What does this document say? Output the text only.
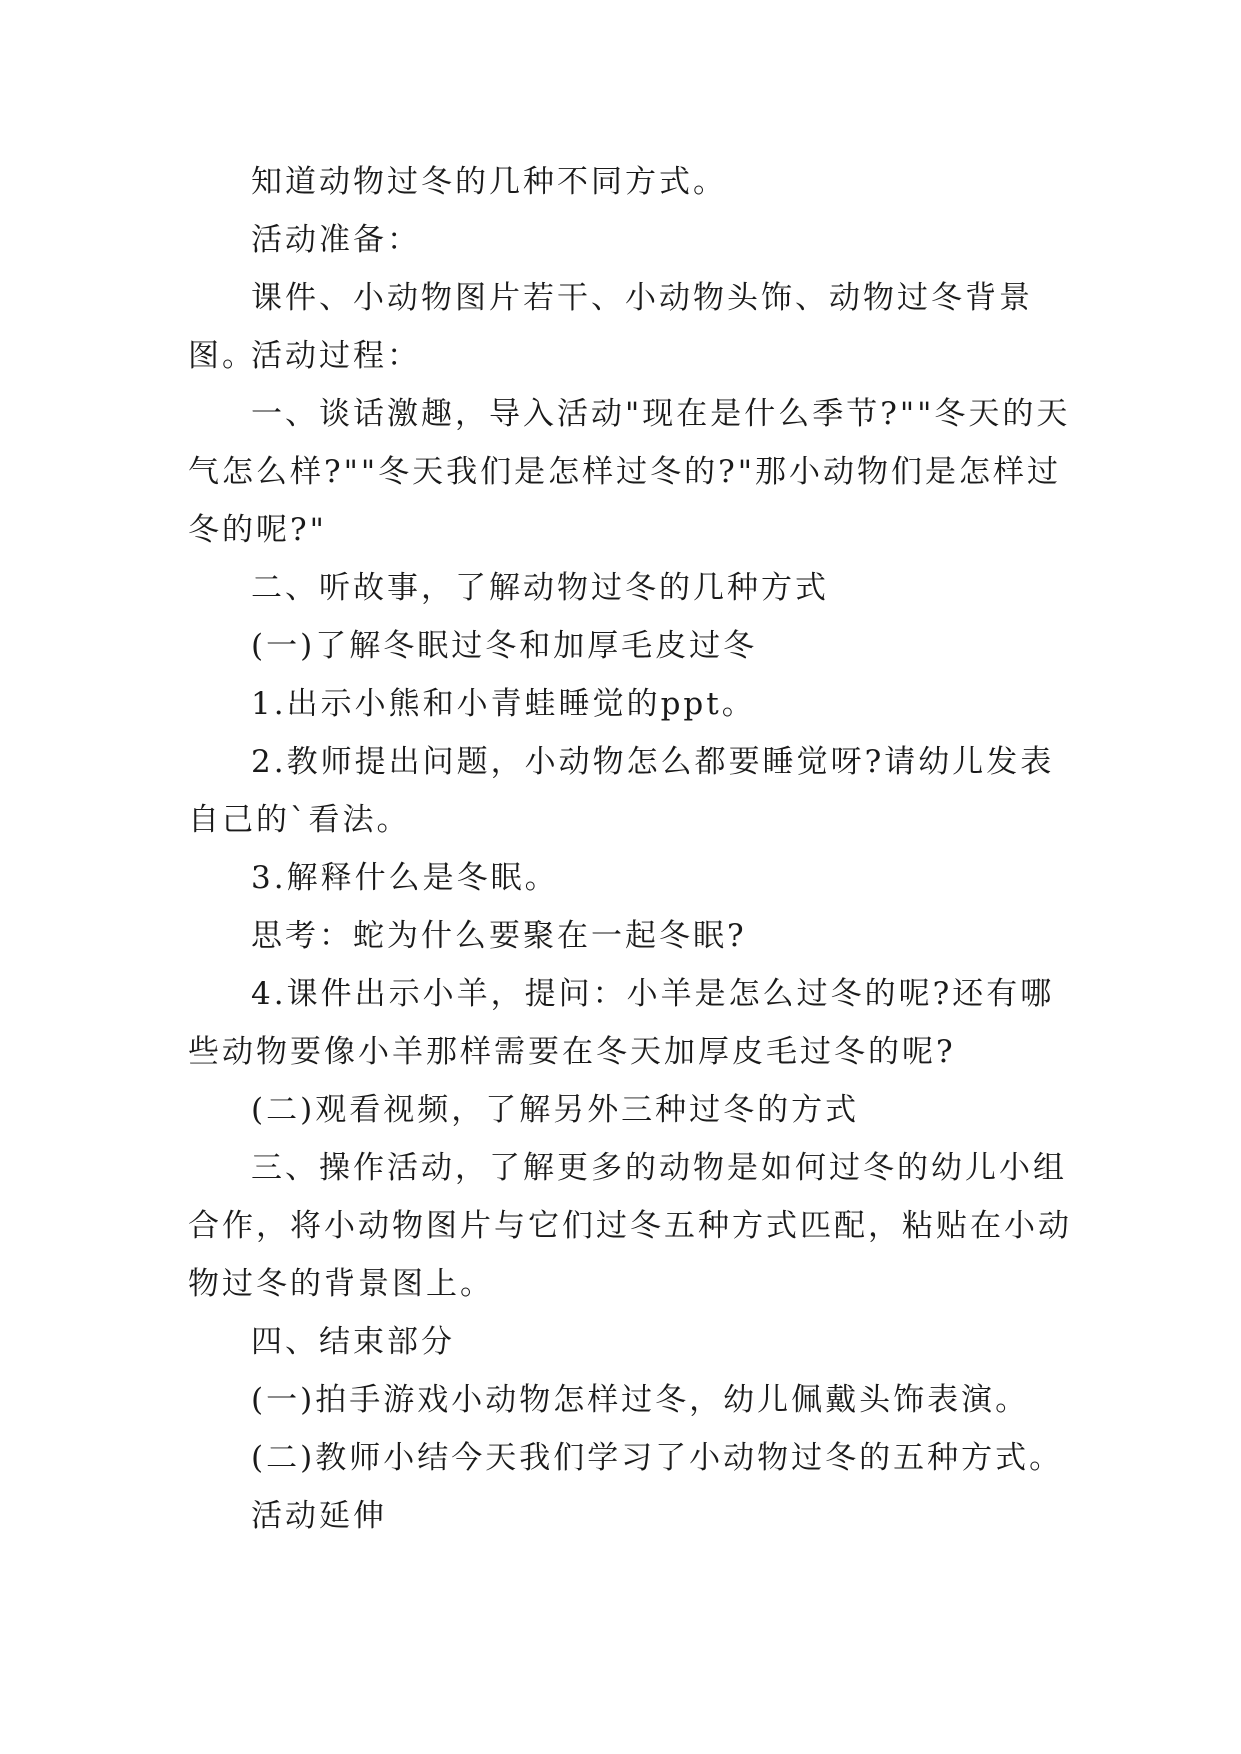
知道动物过冬的几种不同方式。
活动准备：
课件、小动物图片若干、小动物头饰、动物过冬背景图。
活动过程：
一、谈话激趣，导入活动"现在是什么季节?""冬天的天
气怎么样?""冬天我们是怎样过冬的?"那小动物们是怎样过
冬的呢?"
二、听故事，了解动物过冬的几种方式
(一)了解冬眠过冬和加厚毛皮过冬
1.出示小熊和小青蛙睡觉的ppt。
2.教师提出问题，小动物怎么都要睡觉呀?请幼儿发表
自己的`看法。
3.解释什么是冬眠。
思考：蛇为什么要聚在一起冬眠?
4.课件出示小羊，提问：小羊是怎么过冬的呢?还有哪
些动物要像小羊那样需要在冬天加厚皮毛过冬的呢?
(二)观看视频，了解另外三种过冬的方式
三、操作活动，了解更多的动物是如何过冬的幼儿小组
合作，将小动物图片与它们过冬五种方式匹配，粘贴在小动
物过冬的背景图上。
四、结束部分
(一)拍手游戏小动物怎样过冬，幼儿佩戴头饰表演。
(二)教师小结今天我们学习了小动物过冬的五种方式。
活动延伸
